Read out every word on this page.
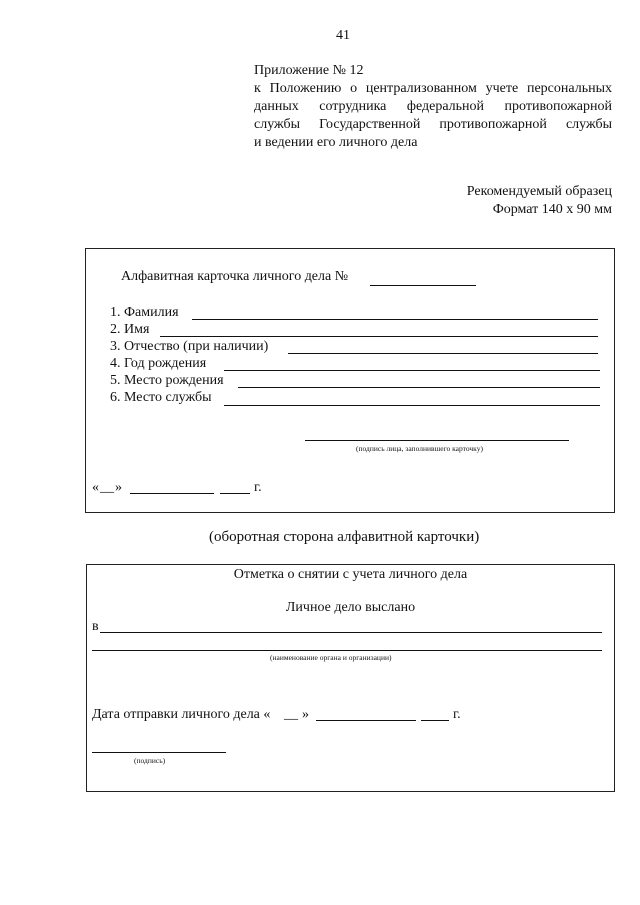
41
Приложение № 12
к Положению о централизованном учете персональных
данных сотрудника федеральной противопожарной
службы Государственной противопожарной службы
и ведении его личного дела
Рекомендуемый образец
Формат 140 х 90 мм
Алфавитная карточка личного дела №
1. Фамилия
2. Имя
3. Отчество (при наличии)
4. Год рождения
5. Место рождения
6. Место службы
(подпись лица, заполнившего карточку)
« __ »	г.
(оборотная сторона алфавитной карточки)
Отметка о снятии с учета личного дела
Личное дело выслано
в
(наименование органа и организации)
Дата отправки личного дела « __ »	г.
(подпись)
